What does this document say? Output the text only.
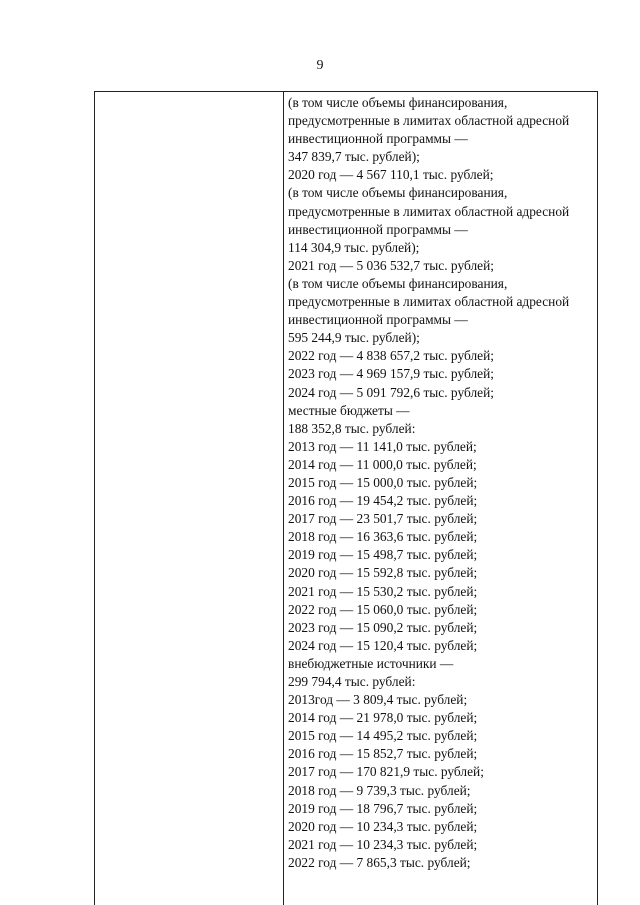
9
(в том числе объемы финансирования,
предусмотренные в лимитах областной адресной
инвестиционной программы —
347 839,7 тыс. рублей);
2020 год — 4 567 110,1 тыс. рублей;
(в том числе объемы финансирования,
предусмотренные в лимитах областной адресной
инвестиционной программы —
114 304,9 тыс. рублей);
2021 год — 5 036 532,7 тыс. рублей;
(в том числе объемы финансирования,
предусмотренные в лимитах областной адресной
инвестиционной программы —
595 244,9 тыс. рублей);
2022 год — 4 838 657,2 тыс. рублей;
2023 год — 4 969 157,9 тыс. рублей;
2024 год — 5 091 792,6 тыс. рублей;
местные бюджеты —
188 352,8 тыс. рублей:
2013 год — 11 141,0 тыс. рублей;
2014 год — 11 000,0 тыс. рублей;
2015 год — 15 000,0 тыс. рублей;
2016 год — 19 454,2 тыс. рублей;
2017 год — 23 501,7 тыс. рублей;
2018 год — 16 363,6 тыс. рублей;
2019 год — 15 498,7 тыс. рублей;
2020 год — 15 592,8 тыс. рублей;
2021 год — 15 530,2 тыс. рублей;
2022 год — 15 060,0 тыс. рублей;
2023 год — 15 090,2 тыс. рублей;
2024 год — 15 120,4 тыс. рублей;
внебюджетные источники —
299 794,4 тыс. рублей:
2013год — 3 809,4 тыс. рублей;
2014 год — 21 978,0 тыс. рублей;
2015 год — 14 495,2 тыс. рублей;
2016 год — 15 852,7 тыс. рублей;
2017 год — 170 821,9 тыс. рублей;
2018 год — 9 739,3 тыс. рублей;
2019 год — 18 796,7 тыс. рублей;
2020 год — 10 234,3 тыс. рублей;
2021 год — 10 234,3 тыс. рублей;
2022 год — 7 865,3 тыс. рублей;
